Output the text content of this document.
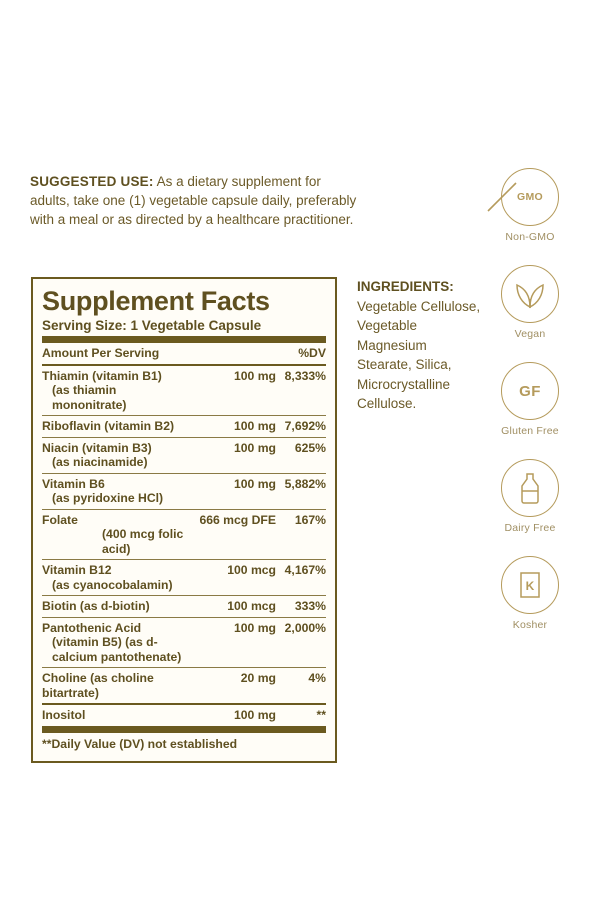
SUGGESTED USE: As a dietary supplement for adults, take one (1) vegetable capsule daily, preferably with a meal or as directed by a healthcare practitioner.
Supplement Facts
Serving Size: 1 Vegetable Capsule
Amount Per Serving	%DV
Thiamin (vitamin B1)
(as thiamin mononitrate)
100 mg 8,333%
Riboflavin (vitamin B2)	100 mg 7,692%
Niacin (vitamin B3)
(as niacinamide)
100 mg	625%
Vitamin B6
(as pyridoxine HCl)
100 mg 5,882%
Folate
(400 mcg folic acid)
666 mcg DFE	167%
Vitamin B12
(as cyanocobalamin)
100 mcg 4,167%
Biotin (as d-biotin)	100 mcg	333%
Pantothenic Acid
(vitamin B5) (as d-calcium pantothenate)
100 mg 2,000%
Choline (as choline bitartrate)
20 mg	4%
Inositol	100 mg	**
**Daily Value (DV) not established
INGREDIENTS:
Vegetable Cellulose, Vegetable Magnesium Stearate, Silica, Microcrystalline Cellulose.
GMO
Non-GMO
Vegan
GF
Gluten Free
Dairy Free
K
Kosher
